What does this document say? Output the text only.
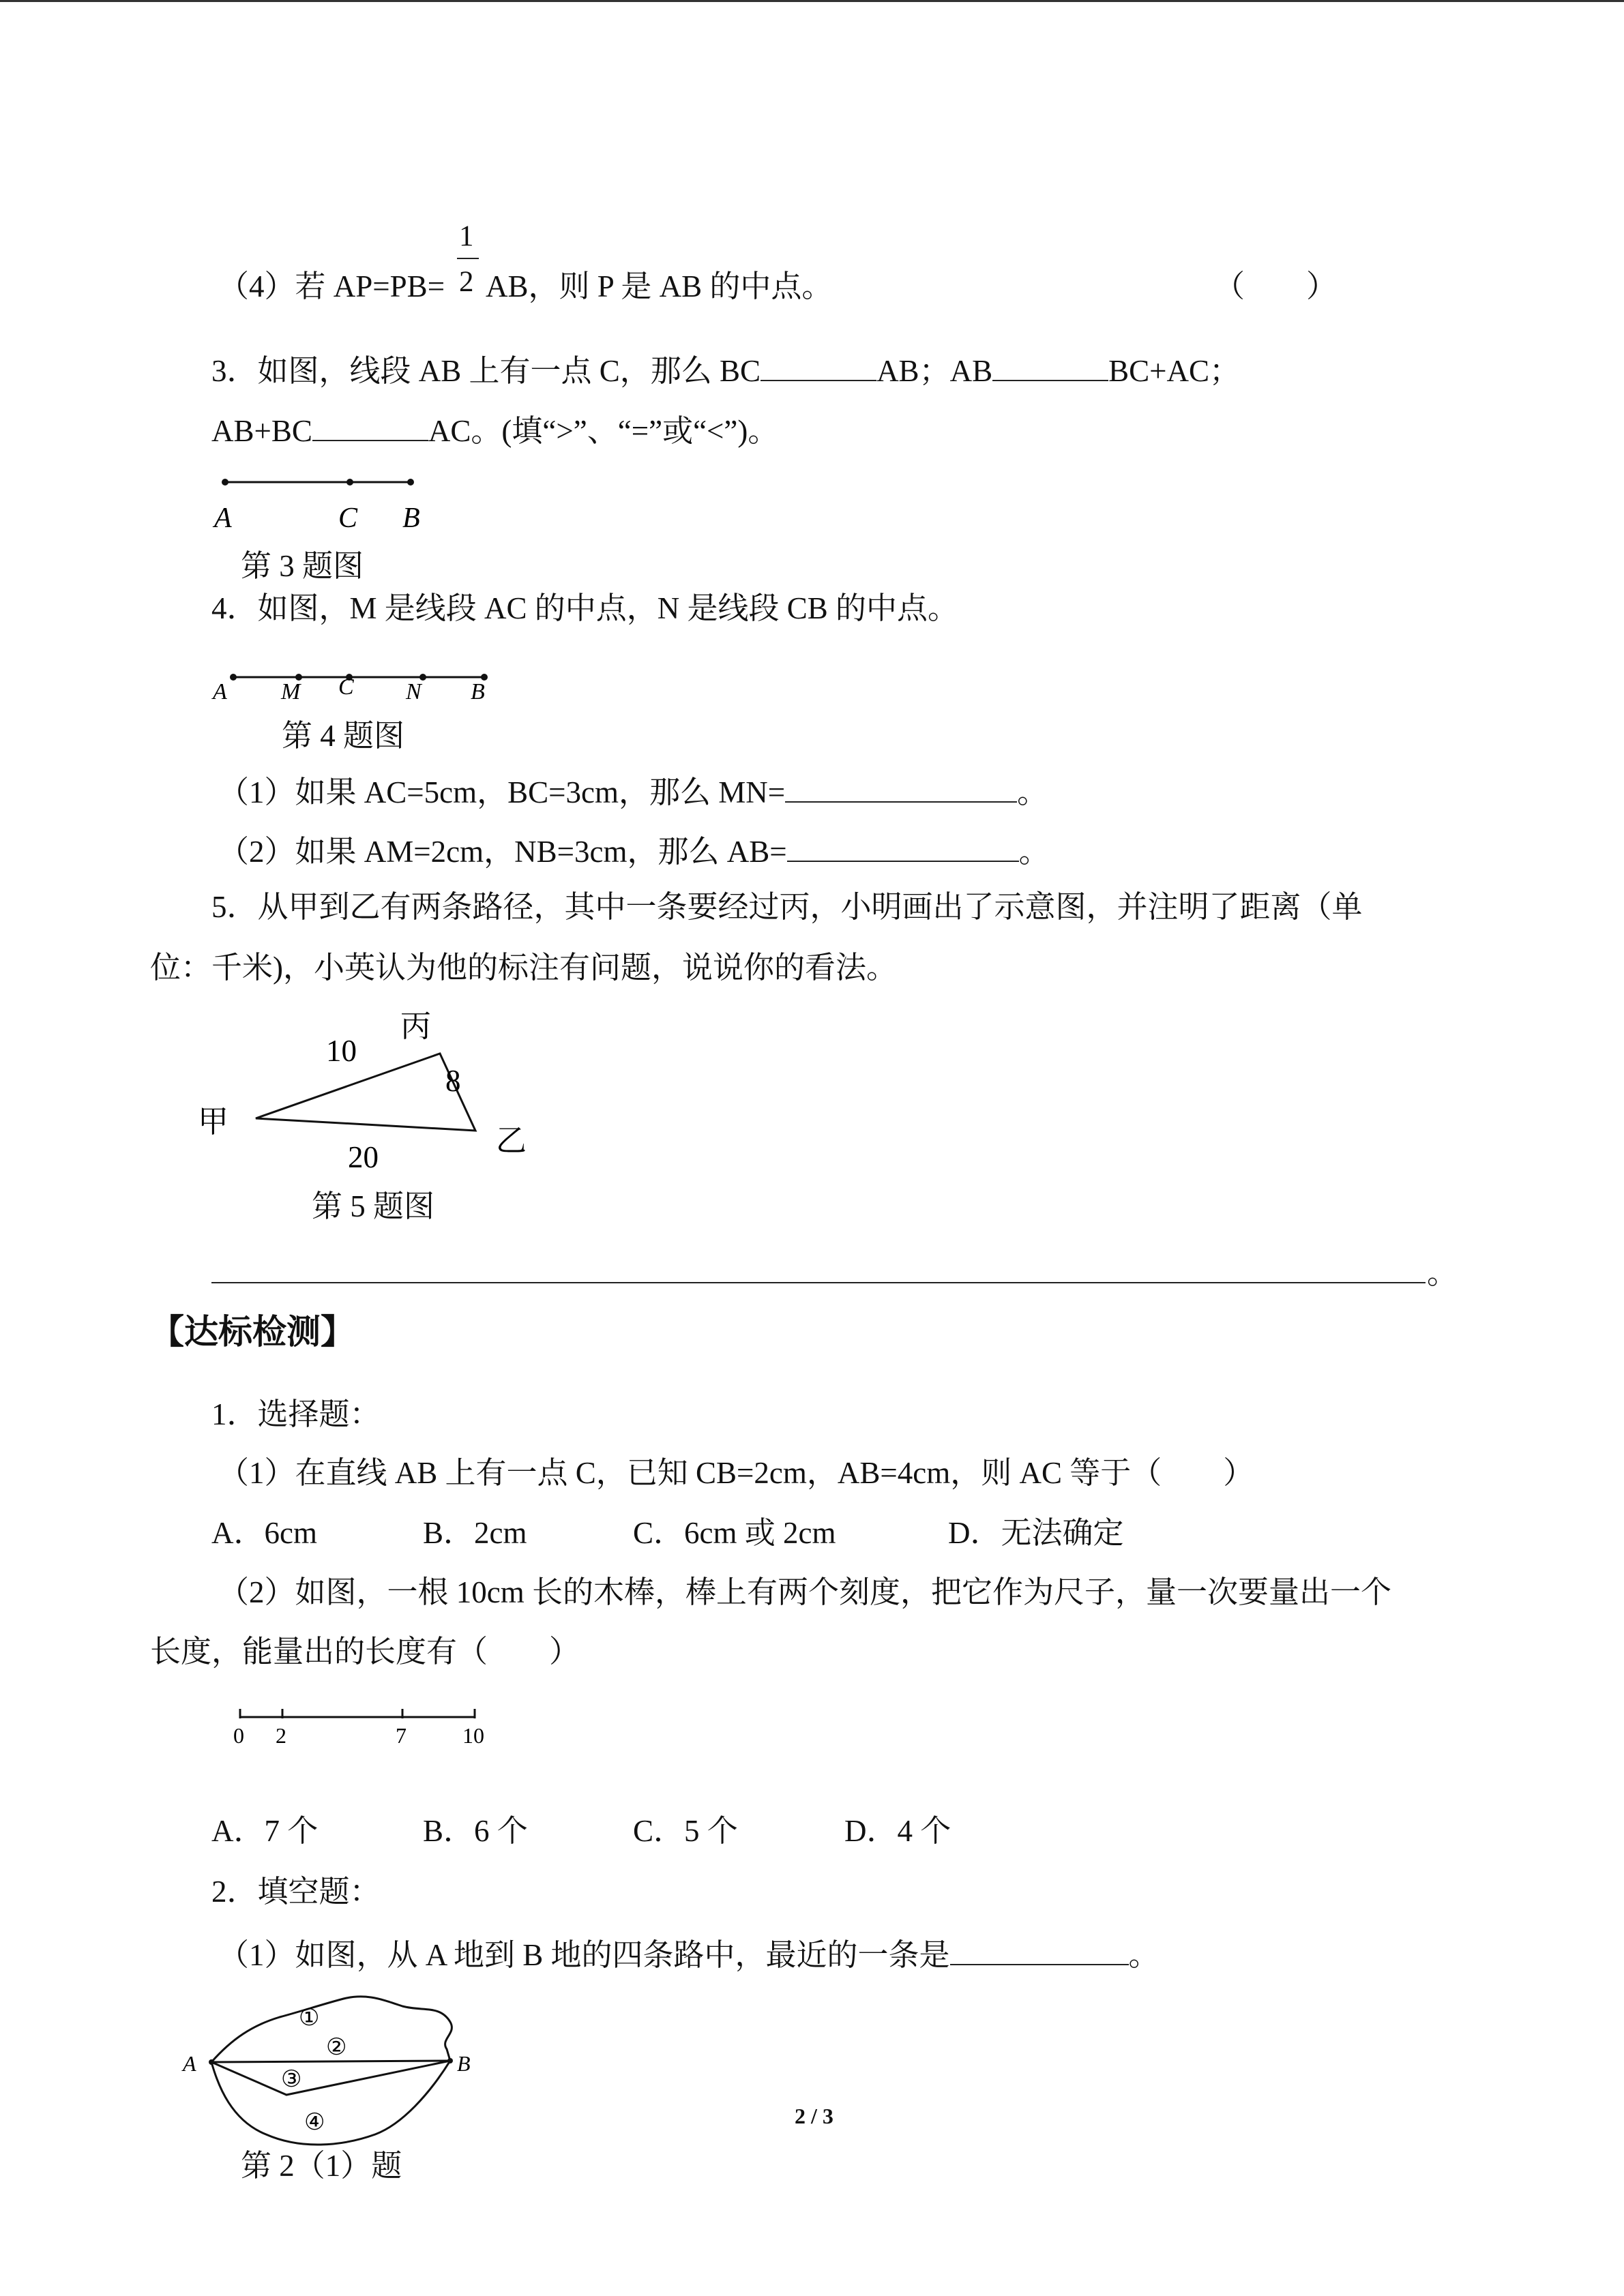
（4）若 AP=PB=
1
2 AB，则 P 是 AB 的中点。	（　　）
3．如图，线段 AB 上有一点 C，那么 BC	AB；AB	BC+AC；
AB+BC	AC。(填“>”、“=”或“<”)。
A	C B
第 3 题图
4．如图，M 是线段 AC 的中点，N 是线段 CB 的中点。
A M C N B
第 4 题图
（1）如果 AC=5cm，BC=3cm，那么 MN=	。
（2）如果 AM=2cm，NB=3cm，那么 AB=	。
5．从甲到乙有两条路径，其中一条要经过丙，小明画出了示意图，并注明了距离（单
位：千米)，小英认为他的标注有问题，说说你的看法。
甲
乙
丙
10
8
20
第 5 题图
。
【达标检测】
1．选择题：
（1）在直线 AB 上有一点 C，已知 CB=2cm，AB=4cm，则 AC 等于（　　）
A．6cm	B．2cm	C．6cm 或 2cm	D．无法确定
（2）如图，一根 10cm 长的木棒，棒上有两个刻度，把它作为尺子，量一次要量出一个
长度，能量出的长度有（　　）
0 2	7	10
A．7 个	B．6 个	C．5 个	D．4 个
2．填空题：
（1）如图，从 A 地到 B 地的四条路中，最近的一条是	。
A	B
①
②
③
④	2 / 3
第 2（1）题
